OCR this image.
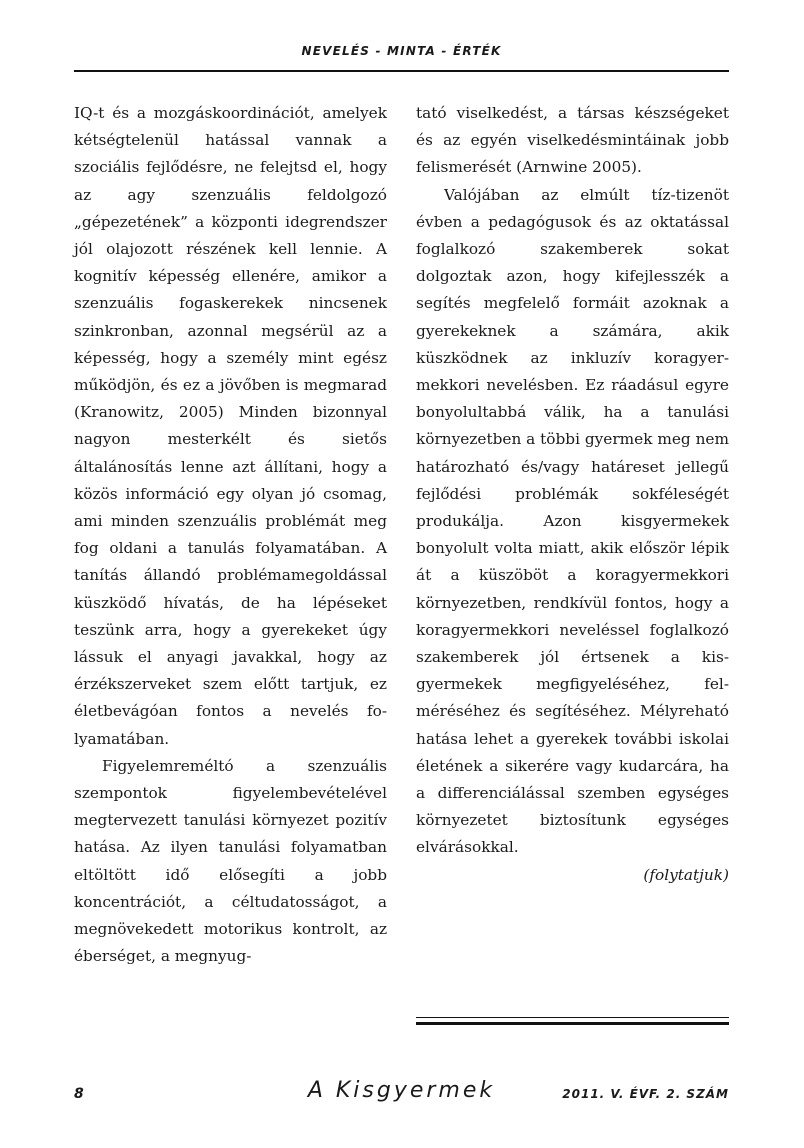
NEVELÉS - MINTA - ÉRTÉK

IQ-t és a mozgáskoordinációt, amelyek kétségtelenül hatással vannak a szociális fejlődésre, ne felejtsd el, hogy az agy szenzuális feldolgozó „gépezetének” a központi idegrendszer jól olajozott részének kell lennie. A kognitív képesség ellenére, amikor a szenzuális fogaskerekek nincsenek szinkronban, azonnal megsérül az a képesség, hogy a személy mint egész működjön, és ez a jövőben is megmarad (Kranowitz, 2005) Minden bizonnyal nagyon mesterkélt és sietős általánosítás lenne azt állítani, hogy a közös információ egy olyan jó csomag, ami minden szenzuális problémát meg fog oldani a tanulás folyamatában. A tanítás állandó problémamegoldással küszködő hívatás, de ha lépéseket teszünk arra, hogy a gyerekeket úgy lássuk el anyagi javakkal, hogy az érzékszerveket szem előtt tartjuk, ez életbevágóan fontos a nevelés folyamatában.

Figyelemreméltó a szenzuális szempontok figyelembevételével megtervezett tanulási környezet pozitív hatása. Az ilyen tanulási folyamatban eltöltött idő elősegíti a jobb koncentrációt, a céltudatosságot, a megnövekedett motorikus kontrolt, az éberséget, a megnyug-

tató viselkedést, a társas készségeket és az egyén viselkedésmintáinak jobb felismerését (Arnwine 2005).

Valójában az elmúlt tíz-tizenöt évben a pedagógusok és az oktatással foglalkozó szakemberek sokat dolgoztak azon, hogy kifejlesszék a segítés megfelelő formáit azoknak a gyerekeknek a számára, akik küszködnek az inkluzív koragyermekkori nevelésben. Ez ráadásul egyre bonyolultabbá válik, ha a tanulási környezetben a többi gyermek meg nem határozható és/vagy határeset jellegű fejlődési problémák sokféleségét produkálja. Azon kisgyermekek bonyolult volta miatt, akik először lépik át a küszöböt a koragyermekkori környezetben, rendkívül fontos, hogy a koragyermekkori neveléssel foglalkozó szakemberek jól értsenek a kisgyermekek megfigyeléséhez, felméréséhez és segítéséhez. Mélyreható hatása lehet a gyerekek további iskolai életének a sikerére vagy kudarcára, ha a differenciálással szemben egységes környezetet biztosítunk egységes elvárásokkal.

(folytatjuk)

8	A Kisgyermek	2011. V. ÉVF. 2. SZÁM
